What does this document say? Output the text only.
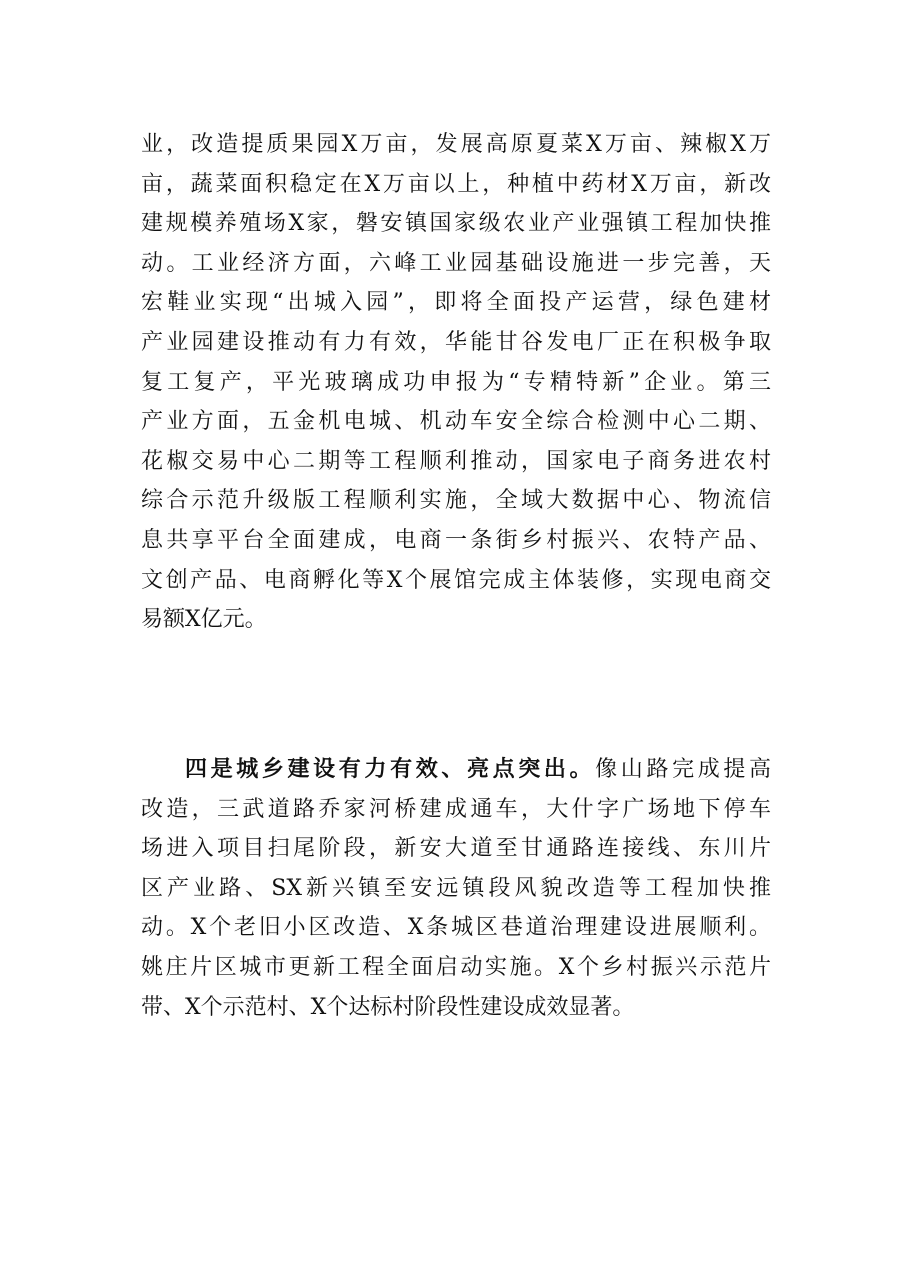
业，改造提质果园X万亩，发展高原夏菜X万亩、辣椒X万
亩，蔬菜面积稳定在X万亩以上，种植中药材X万亩，新改
建规模养殖场X家，磐安镇国家级农业产业强镇工程加快推
动。工业经济方面，六峰工业园基础设施进一步完善，天
宏鞋业实现“出城入园”，即将全面投产运营，绿色建材
产业园建设推动有力有效，华能甘谷发电厂正在积极争取
复工复产，平光玻璃成功申报为“专精特新”企业。第三
产业方面，五金机电城、机动车安全综合检测中心二期、
花椒交易中心二期等工程顺利推动，国家电子商务进农村
综合示范升级版工程顺利实施，全域大数据中心、物流信
息共享平台全面建成，电商一条街乡村振兴、农特产品、
文创产品、电商孵化等X个展馆完成主体装修，实现电商交
易额X亿元。
四是城乡建设有力有效、亮点突出。像山路完成提高
改造，三武道路乔家河桥建成通车，大什字广场地下停车
场进入项目扫尾阶段，新安大道至甘通路连接线、东川片
区产业路、SX新兴镇至安远镇段风貌改造等工程加快推
动。X个老旧小区改造、X条城区巷道治理建设进展顺利。
姚庄片区城市更新工程全面启动实施。X个乡村振兴示范片
带、X个示范村、X个达标村阶段性建设成效显著。
